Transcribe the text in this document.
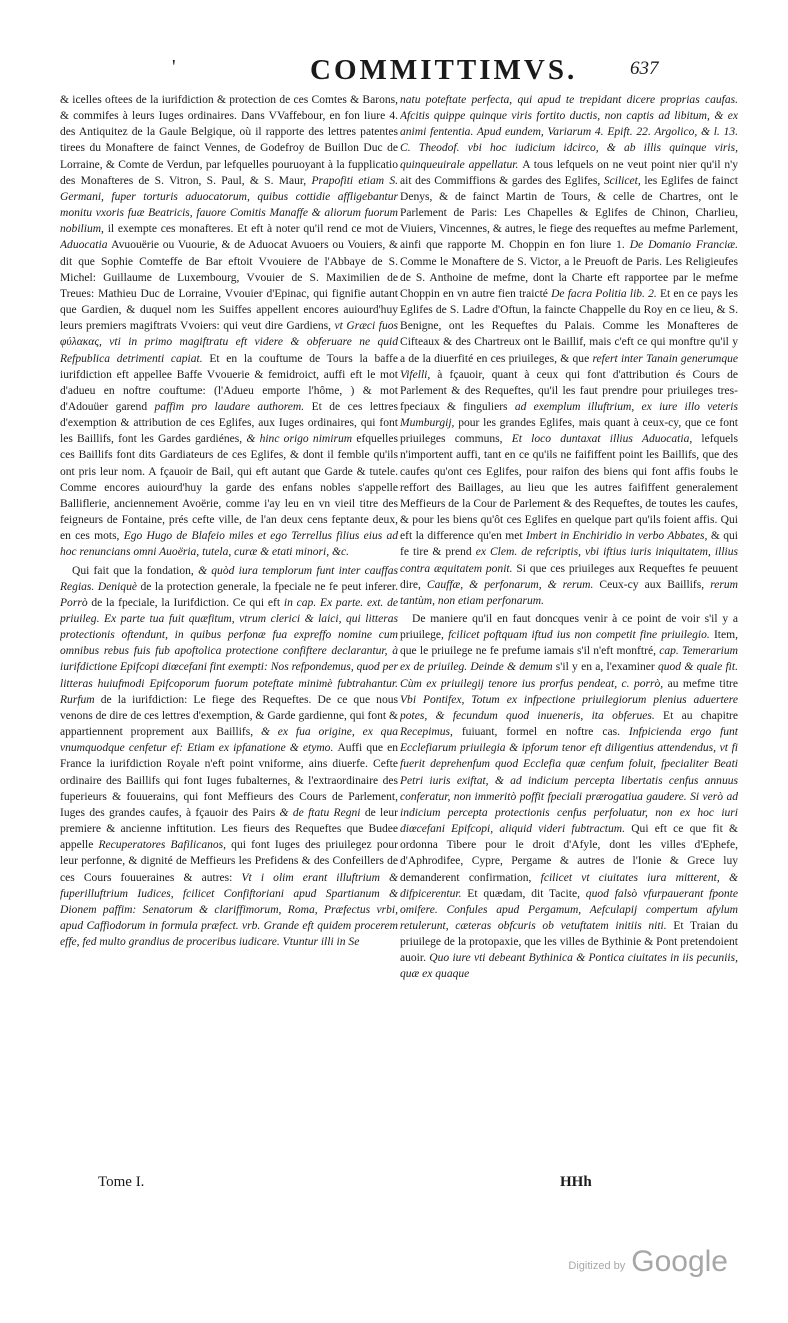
'	COMMITTIMVS.	637

& icelles oftees de la iurifdiction & protection de ces Comtes & Barons, & commifes à leurs Iuges ordinaires. Dans VVaffebour, en fon liure 4. des Antiquitez de la Gaule Belgique, où il rapporte des lettres patentes tirees du Monaftere de fainct Vennes, de Godefroy de Buillon Duc de Lorraine, & Comte de Verdun, par lefquelles pouruoyant à la fupplicatio des Monafteres de S. Vitron, S. Paul, & S. Maur, Prapofiti etiam S. Germani, fuper torturis aduocatorum, quibus cottidie affligebantur monitu vxoris fuæ Beatricis, fauore Comitis Manaffe & aliorum fuorum nobilium, il exempte ces monafteres. Et eft à noter qu'il rend ce mot de Aduocatia Avuouërie ou Vuourie, & de Aduocat Avuoers ou Vouiers, & dit que Sophie Comteffe de Bar eftoit Vvouiere de l'Abbaye de S. Michel: Guillaume de Luxembourg, Vvouier de S. Maximilien de Treues: Mathieu Duc de Lorraine, Vvouier d'Epinac, qui fignifie autant que Gardien, & duquel nom les Suiffes appellent encores auiourd'huy leurs premiers magiftrats Vvoiers: qui veut dire Gardiens, vt Græci fuos φύλακας, vti in primo magiftratu eft videre & obferuare ne quid Refpublica detrimenti capiat. Et en la couftume de Tours la baffe iurifdiction eft appellee Baffe Vvouerie & femidroict, auffi eft le mot d'adueu en noftre couftume: (l'Adueu emporte l'hôme, ) & mot d'Adouüer garend paffim pro laudare authorem. Et de ces lettres d'exemption & attribution de ces Eglifes, aux Iuges ordinaires, qui font les Baillifs, font les Gardes gardiénes, & hinc origo nimirum efquelles ces Baillifs font dits Gardiateurs de ces Eglifes, & dont il femble qu'ils ont pris leur nom. A fçauoir de Bail, qui eft autant que Garde & tutele. Comme encores auiourd'huy la garde des enfans nobles s'appelle Balliflerie, anciennement Avoërie, comme i'ay leu en vn vieil titre des feigneurs de Fontaine, prés cefte ville, de l'an deux cens feptante deux, en ces mots, Ego Hugo de Blafeio miles et ego Terrellus filius eius ad hoc renuncians omni Auoëria, tutela, curæ & etati minori, &c.

Qui fait que la fondation, & quòd iura templorum funt inter cauffas Regias. Deniquè de la protection generale, la fpeciale ne fe peut inferer. Porrò de la fpeciale, la Iurifdiction. Ce qui eft in cap. Ex parte. ext. de priuileg. Ex parte tua fuit quæfitum, vtrum clerici & laici, qui litteras protectionis oftendunt, in quibus perfonæ fua expreffo nomine cum omnibus rebus fuis fub apoftolica protectione confiftere declarantur, à iurifdictione Epifcopi diœcefani fint exempti: Nos refpondemus, quod per litteras huiufmodi Epifcoporum fuorum poteftate minimè fubtrahantur. Rurfum de la iurifdiction: Le fiege des Requeftes. De ce que nous venons de dire de ces lettres d'exemption, & Garde gardienne, qui font & appartiennent proprement aux Baillifs, & ex fua origine, ex qua vnumquodque cenfetur ef: Etiam ex ipfanatione & etymo. Auffi que en France la iurifdiction Royale n'eft point vniforme, ains diuerfe. Cefte ordinaire des Baillifs qui font Iuges fubalternes, & l'extraordinaire des fuperieurs & fouuerains, qui font Meffieurs des Cours de Parlement, Iuges des grandes caufes, à fçauoir des Pairs & de ftatu Regni de leur premiere & ancienne inftitution. Les fieurs des Requeftes que Budee appelle Recuperatores Bafilicanos, qui font Iuges des priuilegez pour leur perfonne, & dignité de Meffieurs les Prefidens & des Confeillers de ces Cours fouueraines & autres: Vt i olim erant illuftrium & fuperilluftrium Iudices, fcilicet Confiftoriani apud Spartianum & Dionem paffim: Senatorum & clariffimorum, Roma, Præfectus vrbi, apud Caffiodorum in formula præfect. vrb. Grande eft quidem procerem effe, fed multo grandius de proceribus iudicare. Vtuntur illi in Se

natu poteftate perfecta, qui apud te trepidant dicere proprias caufas. Afcitis quippe quinque viris fortito ductis, non captis ad libitum, & ex animi fententia. Apud eundem, Variarum 4. Epift. 22. Argolico, & l. 13. C. Theodof. vbi hoc iudicium idcirco, & ab illis quinque viris, quinqueuirale appellatur. A tous lefquels on ne veut point nier qu'il n'y ait des Commiffions & gardes des Eglifes, Scilicet, les Eglifes de fainct Denys, & de fainct Martin de Tours, & celle de Chartres, ont le Parlement de Paris: Les Chapelles & Eglifes de Chinon, Charlieu, Viuiers, Vincennes, & autres, le fiege des requeftes au mefme Parlement, ainfi que rapporte M. Choppin en fon liure 1. De Domanio Franciæ. Comme le Monaftere de S. Victor, a le Preuoft de Paris. Les Religieufes de S. Anthoine de mefme, dont la Charte eft rapportee par le mefme Choppin en vn autre fien traicté De facra Politia lib. 2. Et en ce pays les Eglifes de S. Ladre d'Oftun, la faincte Chappelle du Roy en ce lieu, & S. Benigne, ont les Requeftes du Palais. Comme les Monafteres de Cifteaux & des Chartreux ont le Baillif, mais c'eft ce qui monftre qu'il y a de la diuerfité en ces priuileges, & que refert inter Tanain generumque Vifelli, à fçauoir, quant à ceux qui font d'attribution és Cours de Parlement & des Requeftes, qu'il les faut prendre pour priuileges tres-fpeciaux & finguliers ad exemplum illuftrium, ex iure illo veteris Mumburgij, pour les grandes Eglifes, mais quant à ceux-cy, que ce font priuileges communs, Et loco duntaxat illius Aduocatia, lefquels n'importent auffi, tant en ce qu'ils ne faififfent point les Baillifs, que des caufes qu'ont ces Eglifes, pour raifon des biens qui font affis foubs le reffort des Baillages, au lieu que les autres faififfent generalement Meffieurs de la Cour de Parlement & des Requeftes, de toutes les caufes, & pour les biens qu'ôt ces Eglifes en quelque part qu'ils foient affis. Qui eft la difference qu'en met Imbert in Enchiridio in verbo Abbates, & qui fe tire & prend ex Clem. de refcriptis, vbi iftius iuris iniquitatem, illius contra æquitatem ponit. Si que ces priuileges aux Requeftes fe peuuent dire, Cauffæ, & perfonarum, & rerum. Ceux-cy aux Baillifs, rerum tantùm, non etiam perfonarum.

De maniere qu'il en faut doncques venir à ce point de voir s'il y a priuilege, fcilicet poftquam iftud ius non competit fine priuilegio. Item, que le priuilege ne fe prefume iamais s'il n'eft monftré, cap. Temerarium ex de priuileg. Deinde & demum s'il y en a, l'examiner quod & quale fit. Cùm ex priuilegij tenore ius prorfus pendeat, c. porrò, au mefme titre Vbi Pontifex, Totum ex infpectione priuilegiorum plenius aduertere potes, & fecundum quod inueneris, ita obferues. Et au chapitre Recepimus, fuiuant, formel en noftre cas. Infpicienda ergo funt Ecclefiarum priuilegia & ipforum tenor eft diligentius attendendus, vt fi fuerit deprehenfum quod Ecclefia quæ cenfum foluit, fpecialiter Beati Petri iuris exiftat, & ad indicium percepta libertatis cenfus annuus conferatur, non immeritò poffit fpeciali prærogatiua gaudere. Si verò ad indicium percepta protectionis cenfus perfoluatur, non ex hoc iuri diœcefani Epifcopi, aliquid videri fubtractum. Qui eft ce que fit & ordonna Tibere pour le droit d'Afyle, dont les villes d'Ephefe, d'Aphrodifee, Cypre, Pergame & autres de l'Ionie & Grece luy demanderent confirmation, fcilicet vt ciuitates iura mitterent, & difpicerentur. Et quædam, dit Tacite, quod falsò vfurpauerant fponte omifere. Confules apud Pergamum, Aefculapij compertum afylum retulerunt, cæteras obfcuris ob vetuftatem initiis niti. Et Traian du priuilege de la protopaxie, que les villes de Bythinie & Pont pretendoient auoir. Quo iure vti debeant Bythinica & Pontica ciuitates in iis pecuniis, quæ ex quaque

Tome I.	HHh
Digitized by Google
